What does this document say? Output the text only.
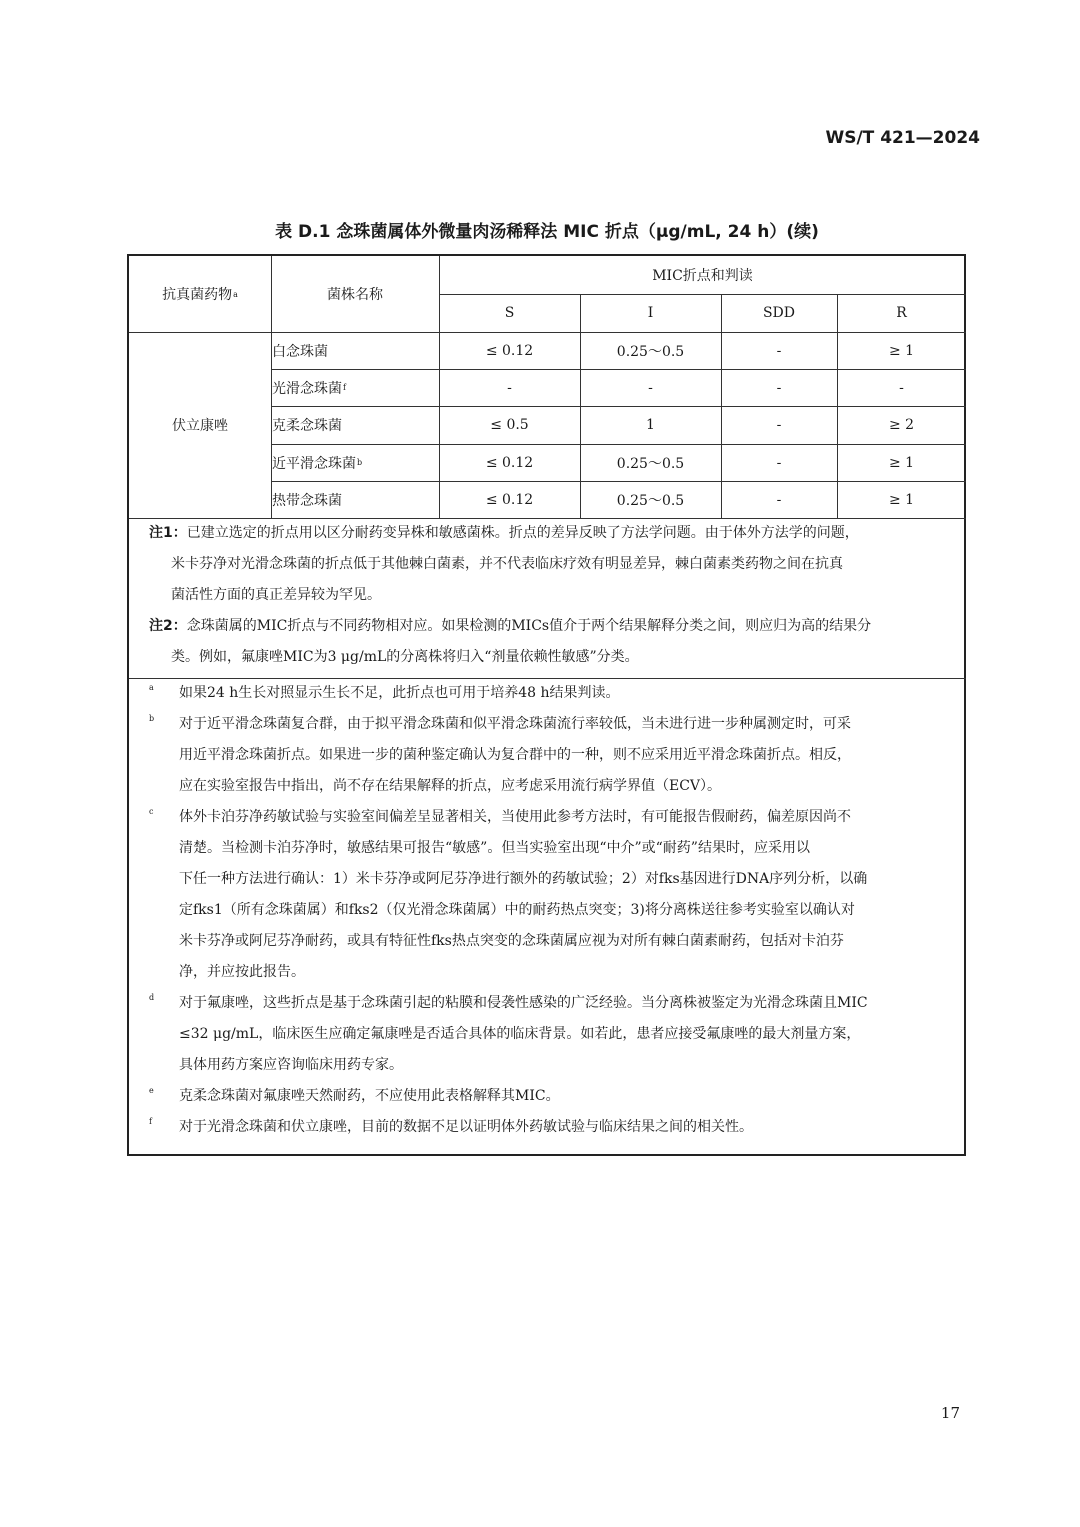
WS/T 421—2024
表 D.1 念珠菌属体外微量肉汤稀释法 MIC 折点（μg/mL, 24 h）(续)
抗真菌药物 a	菌株名称
MIC折点和判读
S	I	SDD	R
伏立康唑
白念珠菌	≤ 0.12	0.25～0.5	-	≥ 1
光滑念珠菌 f	-	-	-	-
克柔念珠菌	≤ 0.5	1	-	≥ 2
近平滑念珠菌 b	≤ 0.12	0.25～0.5	-	≥ 1
热带念珠菌	≤ 0.12	0.25～0.5	-	≥ 1
注1：已建立选定的折点用以区分耐药变异株和敏感菌株。折点的差异反映了方法学问题。由于体外方法学的问题，
米卡芬净对光滑念珠菌的折点低于其他棘白菌素，并不代表临床疗效有明显差异，棘白菌素类药物之间在抗真
菌活性方面的真正差异较为罕见。
注2：念珠菌属的MIC折点与不同药物相对应。如果检测的MICs值介于两个结果解释分类之间，则应归为高的结果分
类。例如，氟康唑MIC为3 μg/mL的分离株将归入“剂量依赖性敏感”分类。
a 如果24 h生长对照显示生长不足，此折点也可用于培养48 h结果判读。
b 对于近平滑念珠菌复合群，由于拟平滑念珠菌和似平滑念珠菌流行率较低，当未进行进一步种属测定时，可采
用近平滑念珠菌折点。如果进一步的菌种鉴定确认为复合群中的一种，则不应采用近平滑念珠菌折点。相反，
应在实验室报告中指出，尚不存在结果解释的折点，应考虑采用流行病学界值（ECV）。
c 体外卡泊芬净药敏试验与实验室间偏差呈显著相关，当使用此参考方法时，有可能报告假耐药，偏差原因尚不
清楚。当检测卡泊芬净时，敏感结果可报告“敏感”。但当实验室出现“中介”或“耐药”结果时，应采用以
下任一种方法进行确认：1）米卡芬净或阿尼芬净进行额外的药敏试验；2）对fks基因进行DNA序列分析，以确
定fks1（所有念珠菌属）和fks2（仅光滑念珠菌属）中的耐药热点突变；3)将分离株送往参考实验室以确认对
米卡芬净或阿尼芬净耐药，或具有特征性fks热点突变的念珠菌属应视为对所有棘白菌素耐药，包括对卡泊芬
净，并应按此报告。
d 对于氟康唑，这些折点是基于念珠菌引起的粘膜和侵袭性感染的广泛经验。当分离株被鉴定为光滑念珠菌且MIC
≤32 μg/mL，临床医生应确定氟康唑是否适合具体的临床背景。如若此，患者应接受氟康唑的最大剂量方案，
具体用药方案应咨询临床用药专家。
e 克柔念珠菌对氟康唑天然耐药，不应使用此表格解释其MIC。
f 对于光滑念珠菌和伏立康唑，目前的数据不足以证明体外药敏试验与临床结果之间的相关性。
17
